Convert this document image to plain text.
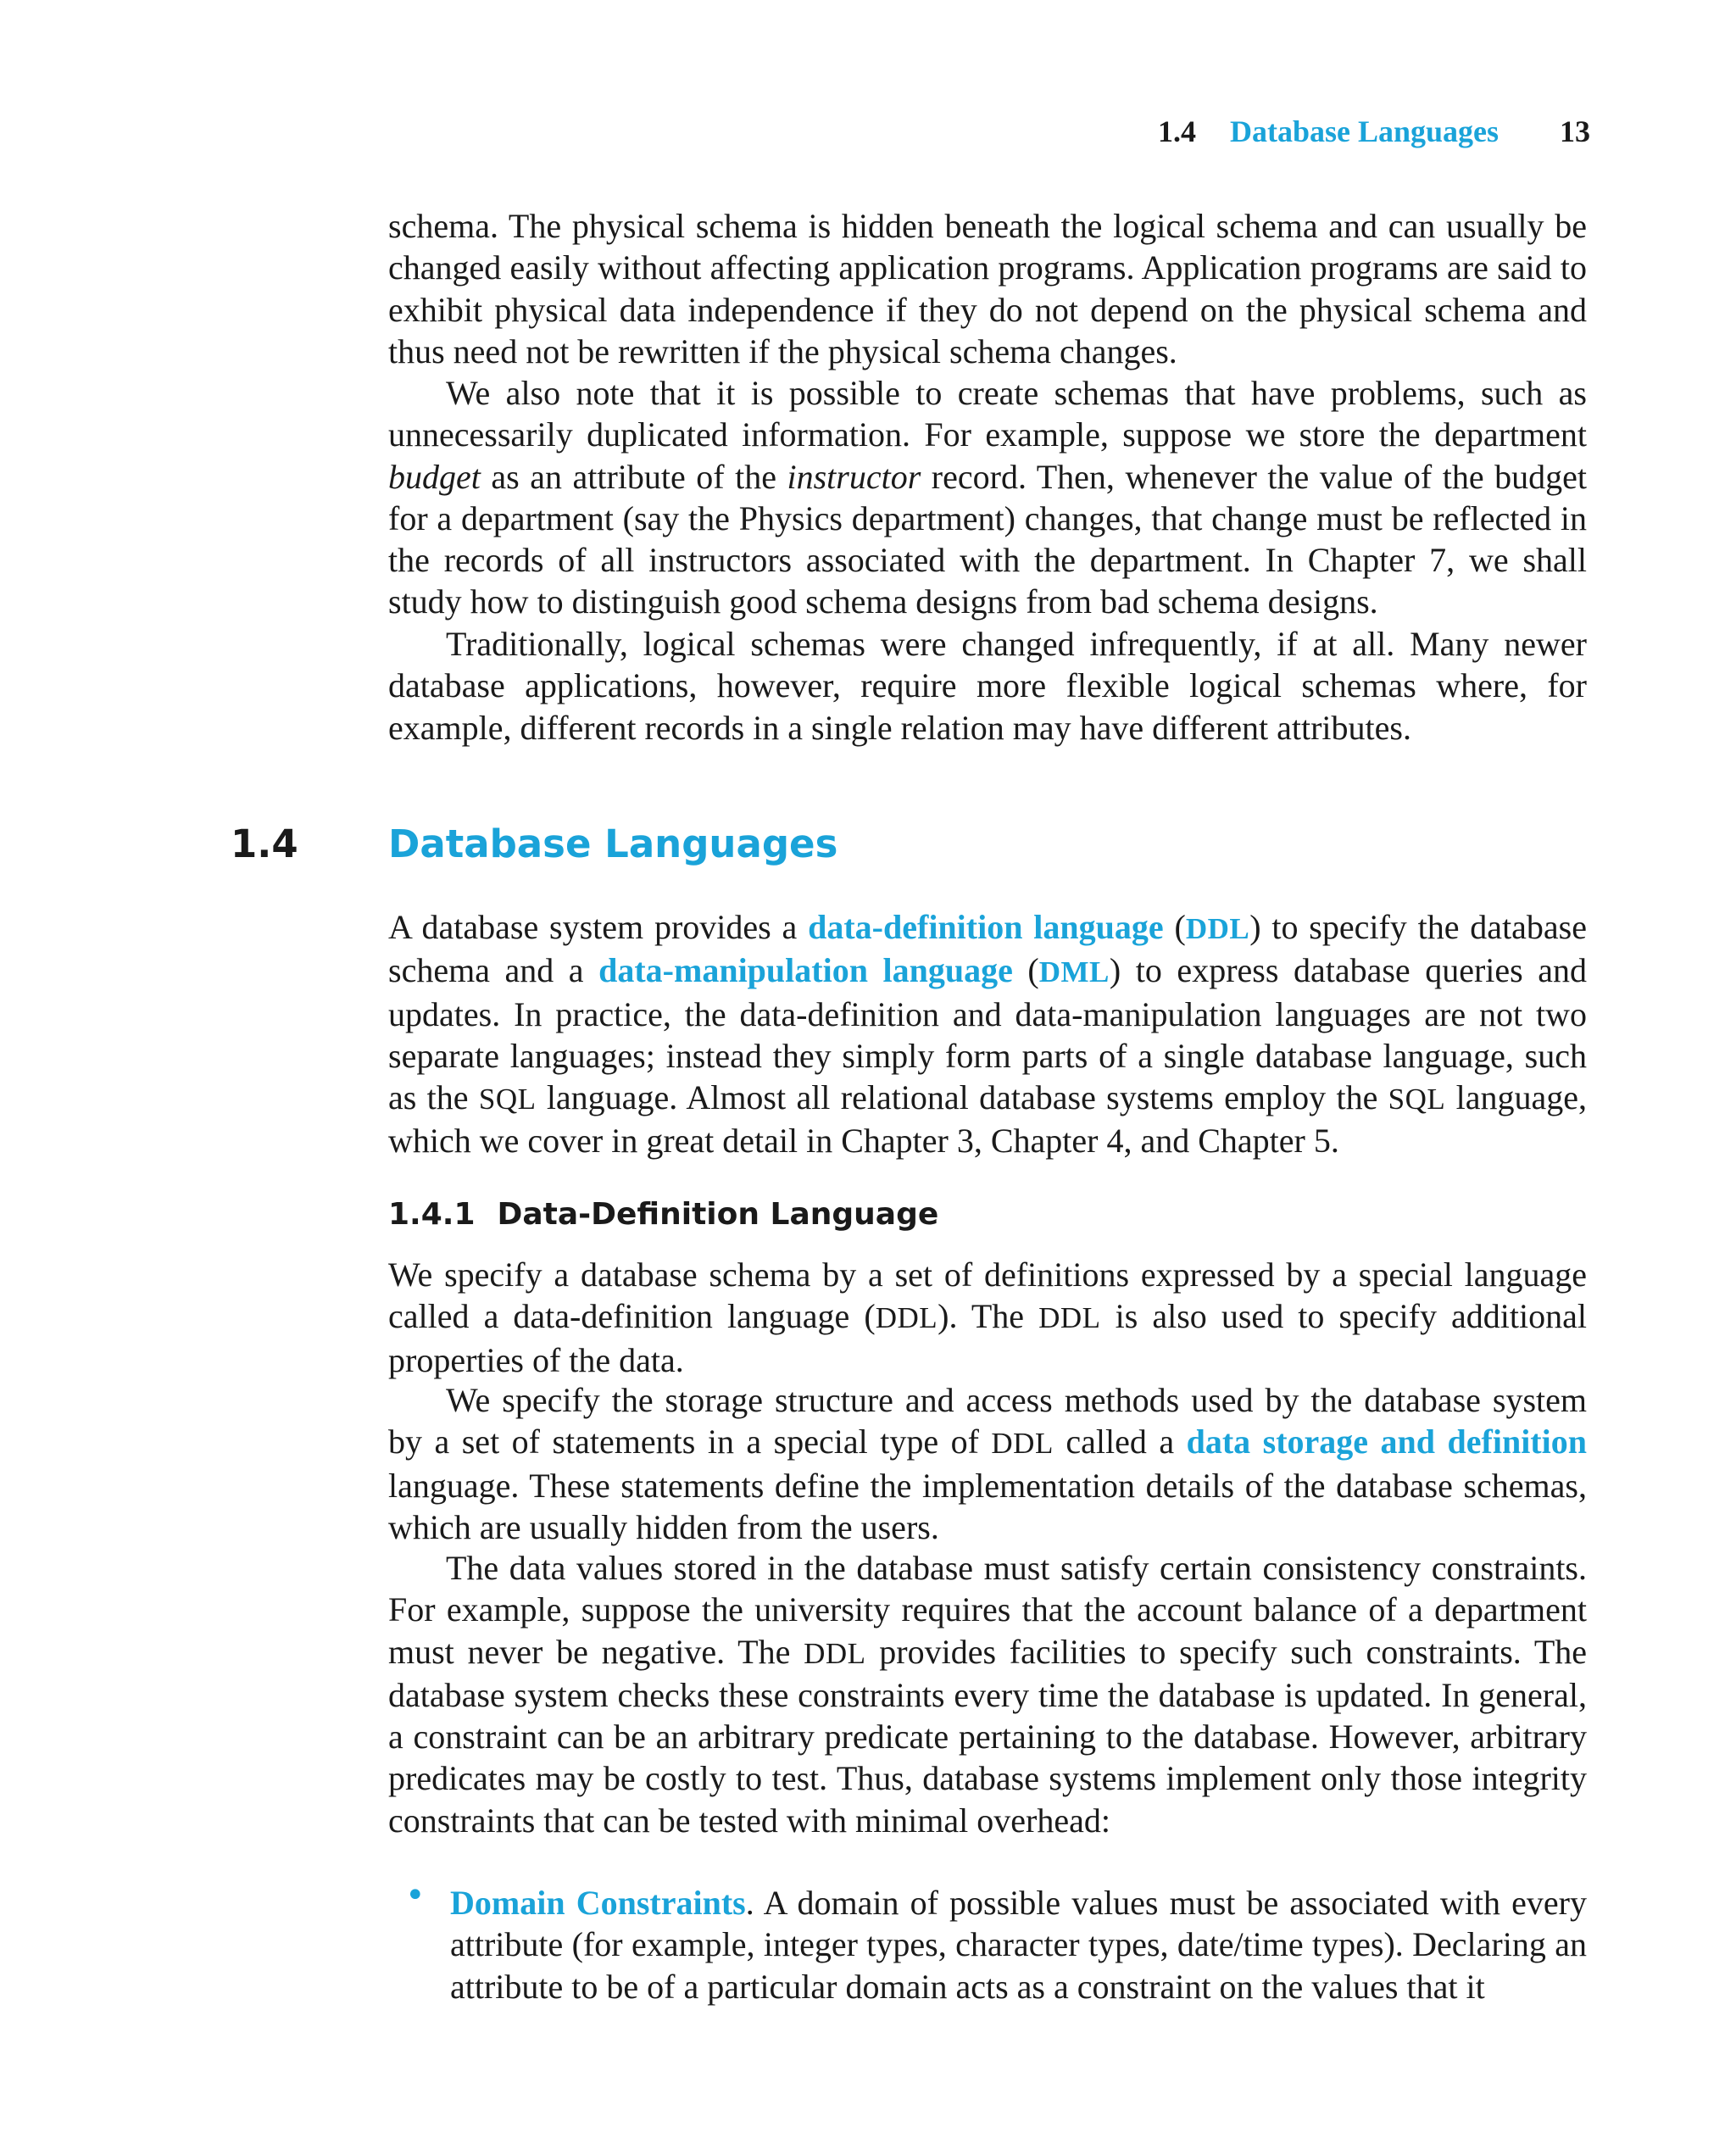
1.4 Database Languages 13

schema. The physical schema is hidden beneath the logical schema and can usually be changed easily without affecting application programs. Application programs are said to exhibit physical data independence if they do not depend on the physical schema and thus need not be rewritten if the physical schema changes.

We also note that it is possible to create schemas that have problems, such as unnecessarily duplicated information. For example, suppose we store the department budget as an attribute of the instructor record. Then, whenever the value of the budget for a department (say the Physics department) changes, that change must be reflected in the records of all instructors associated with the department. In Chapter 7, we shall study how to distinguish good schema designs from bad schema designs.

Traditionally, logical schemas were changed infrequently, if at all. Many newer database applications, however, require more flexible logical schemas where, for example, different records in a single relation may have different attributes.

1.4 Database Languages

A database system provides a data-definition language (DDL) to specify the database schema and a data-manipulation language (DML) to express database queries and updates. In practice, the data-definition and data-manipulation languages are not two separate languages; instead they simply form parts of a single database language, such as the SQL language. Almost all relational database systems employ the SQL language, which we cover in great detail in Chapter 3, Chapter 4, and Chapter 5.

1.4.1 Data-Definition Language

We specify a database schema by a set of definitions expressed by a special language called a data-definition language (DDL). The DDL is also used to specify additional properties of the data.

We specify the storage structure and access methods used by the database system by a set of statements in a special type of DDL called a data storage and definition language. These statements define the implementation details of the database schemas, which are usually hidden from the users.

The data values stored in the database must satisfy certain consistency constraints. For example, suppose the university requires that the account balance of a department must never be negative. The DDL provides facilities to specify such constraints. The database system checks these constraints every time the database is updated. In general, a constraint can be an arbitrary predicate pertaining to the database. However, arbitrary predicates may be costly to test. Thus, database systems implement only those integrity constraints that can be tested with minimal overhead:

• Domain Constraints. A domain of possible values must be associated with every attribute (for example, integer types, character types, date/time types). Declaring an attribute to be of a particular domain acts as a constraint on the values that it
